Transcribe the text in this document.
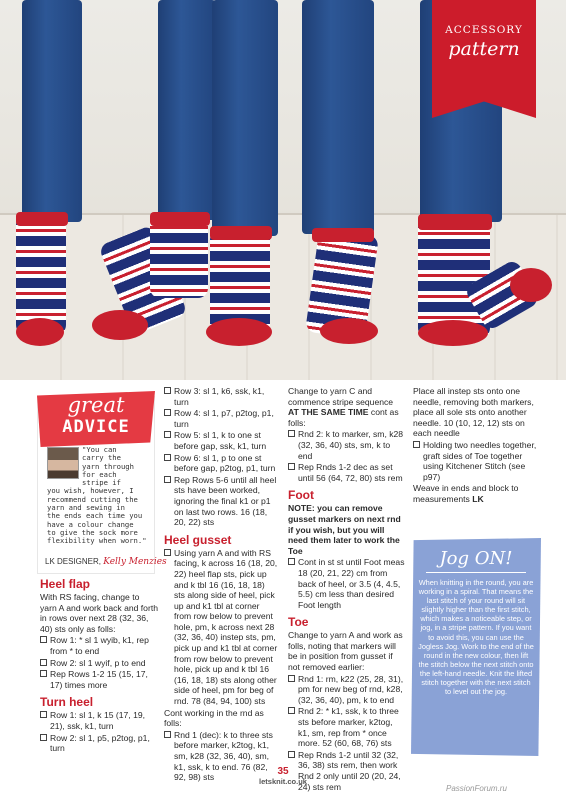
ACCESSORY
pattern
great
ADVICE
"You can
carry the
yarn through
for each
stripe if
you wish, however, I
recommend cutting the
yarn and sewing in
the ends each time you
have a colour change
to give the sock more
flexibility when worn."
LK DESIGNER, Kelly Menzies
Heel flap

With RS facing, change to yarn A and work back and forth in rows over next 28 (32, 36, 40) sts only as folls:

Row 1: * sl 1 wyib, k1, rep from * to end

Row 2: sl 1 wyif, p to end

Rep Rows 1-2 15 (15, 17, 17) times more

Turn heel

Row 1: sl 1, k 15 (17, 19, 21), ssk, k1, turn

Row 2: sl 1, p5, p2tog, p1, turn

Row 3: sl 1, k6, ssk, k1, turn

Row 4: sl 1, p7, p2tog, p1, turn

Row 5: sl 1, k to one st before gap, ssk, k1, turn

Row 6: sl 1, p to one st before gap, p2tog, p1, turn

Rep Rows 5-6 until all heel sts have been worked, ignoring the final k1 or p1 on last two rows. 16 (18, 20, 22) sts

Heel gusset

Using yarn A and with RS facing, k across 16 (18, 20, 22) heel flap sts, pick up and k tbl 16 (16, 18, 18) sts along side of heel, pick up and k1 tbl at corner from row below to prevent hole, pm, k across next 28 (32, 36, 40) instep sts, pm, pick up and k1 tbl at corner from row below to prevent hole, pick up and k tbl 16 (16, 18, 18) sts along other side of heel, pm for beg of rnd. 78 (84, 94, 100) sts

Cont working in the rnd as folls:

Rnd 1 (dec): k to three sts before marker, k2tog, k1, sm, k28 (32, 36, 40), sm, k1, ssk, k to end. 76 (82, 92, 98) sts

Change to yarn C and commence stripe sequence AT THE SAME TIME cont as folls:

Rnd 2: k to marker, sm, k28 (32, 36, 40) sts, sm, k to end

Rep Rnds 1-2 dec as set until 56 (64, 72, 80) sts rem

Foot

NOTE: you can remove gusset markers on next rnd if you wish, but you will need them later to work the Toe

Cont in st st until Foot meas 18 (20, 21, 22) cm from back of heel, or 3.5 (4, 4.5, 5.5) cm less than desired Foot length

Toe

Change to yarn A and work as folls, noting that markers will be in position from gusset if not removed earlier:

Rnd 1: rm, k22 (25, 28, 31), pm for new beg of rnd, k28, (32, 36, 40), pm, k to end

Rnd 2: * k1, ssk, k to three sts before marker, k2tog, k1, sm, rep from * once more. 52 (60, 68, 76) sts

Rep Rnds 1-2 until 32 (32, 36, 38) sts rem, then work Rnd 2 only until 20 (20, 24, 24) sts rem

Place all instep sts onto one needle, removing both markers, place all sole sts onto another needle. 10 (10, 12, 12) sts on each needle

Holding two needles together, graft sides of Toe together using Kitchener Stitch (see p97)

Weave in ends and block to measurements LK

Jog ON!
When knitting in the round, you are working in a spiral. That means the last stitch of your round will sit slightly higher than the first stitch, which makes a noticeable step, or jog, in a stripe pattern. If you want to avoid this, you can use the Jogless Jog. Work to the end of the round in the new colour, then lift the stitch below the next stitch onto the left-hand needle. Knit the lifted stitch together with the next stitch to level out the jog.
35
letsknit.co.uk
PassionForum.ru
